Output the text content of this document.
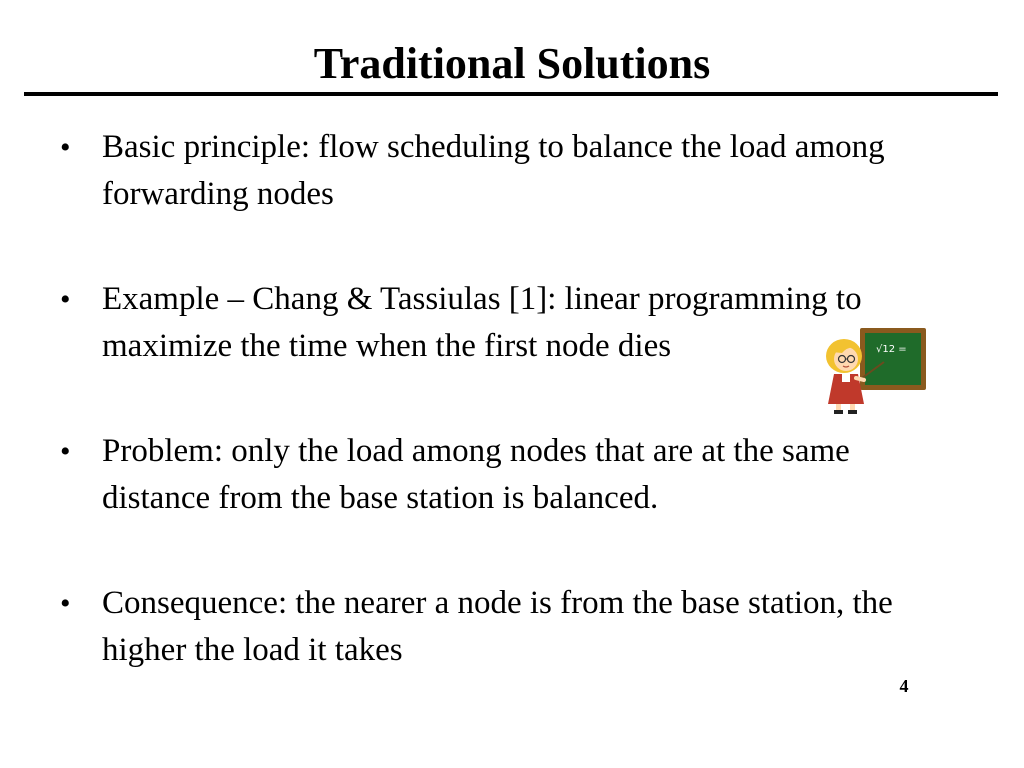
Traditional Solutions
• Basic principle: flow scheduling to balance the load among forwarding nodes
• Example – Chang & Tassiulas [1]: linear programming to maximize the time when the first node dies
• Problem: only the load among nodes that are at the same distance from the base station is balanced.
• Consequence: the nearer a node is from the base station, the higher the load it takes
√12 =
4
